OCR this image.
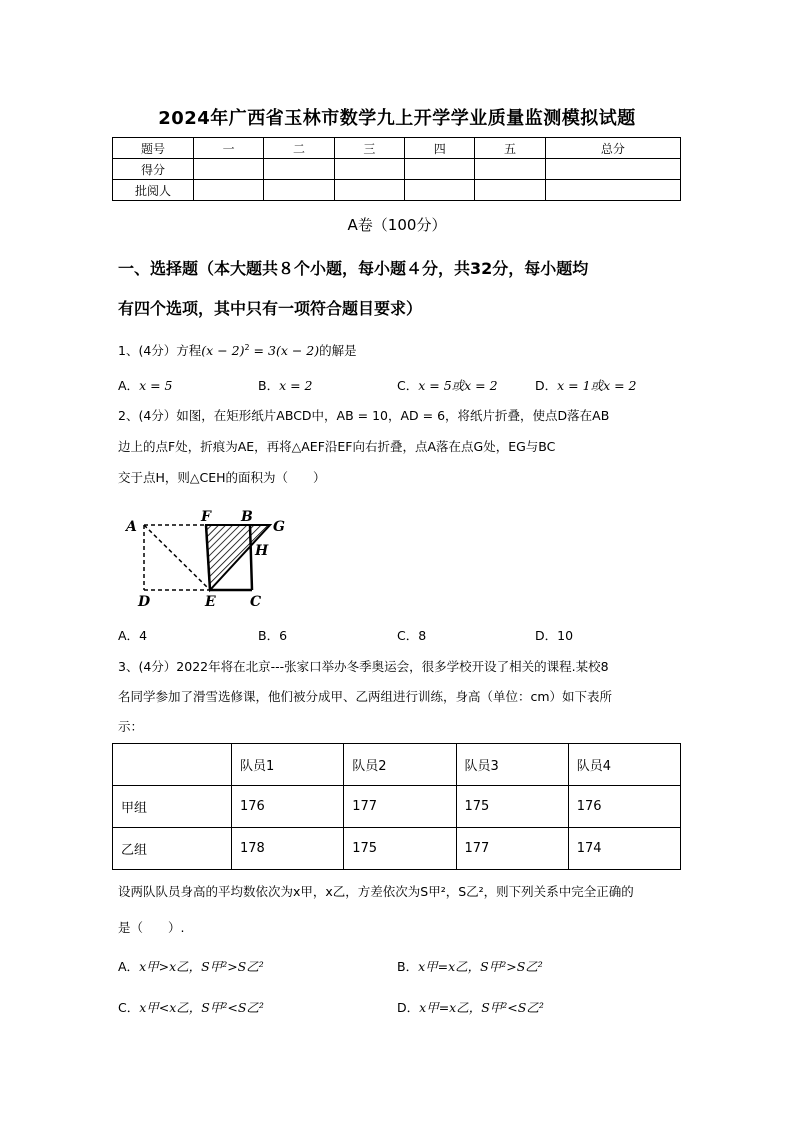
2024年广西省玉林市数学九上开学学业质量监测模拟试题
题号	一	二	三	四	五	总分
得分						
批阅人						
A卷（100分）
一、选择题（本大题共８个小题，每小题４分，共32分，每小题均
有四个选项，其中只有一项符合题目要求）
1、(4分）方程$(x - 2)^2 = 3(x - 2)$的解是
A．x = 5	B．x = 2	C．x = 5或x = 2	D．x = 1或x = 2
2、(4分）如图，在矩形纸片ABCD中，AB = 10，AD = 6，将纸片折叠，使点D落在AB
边上的点F处，折痕为AE，再将△AEF沿EF向右折叠，点A落在点G处，EG与BC
交于点H，则△CEH的面积为（　　）
A
F B
G
H
D	E C
A．4	B．6	C．8	D．10
3、(4分）2022年将在北京---张家口举办冬季奥运会，很多学校开设了相关的课程.某校8
名同学参加了滑雪选修课，他们被分成甲、乙两组进行训练，身高（单位：cm）如下表所
示：
	队员1	队员2	队员3	队员4
甲组	176	177	175	176
乙组	178	175	177	174
设两队队员身高的平均数依次为x甲，x乙，方差依次为S甲²，S乙²，则下列关系中完全正确的
是（　　）.
A．x甲>x乙，S甲²>S乙²	B．x甲=x乙，S甲²>S乙²
C．x甲<x乙，S甲²<S乙²	D．x甲=x乙，S甲²<S乙²
